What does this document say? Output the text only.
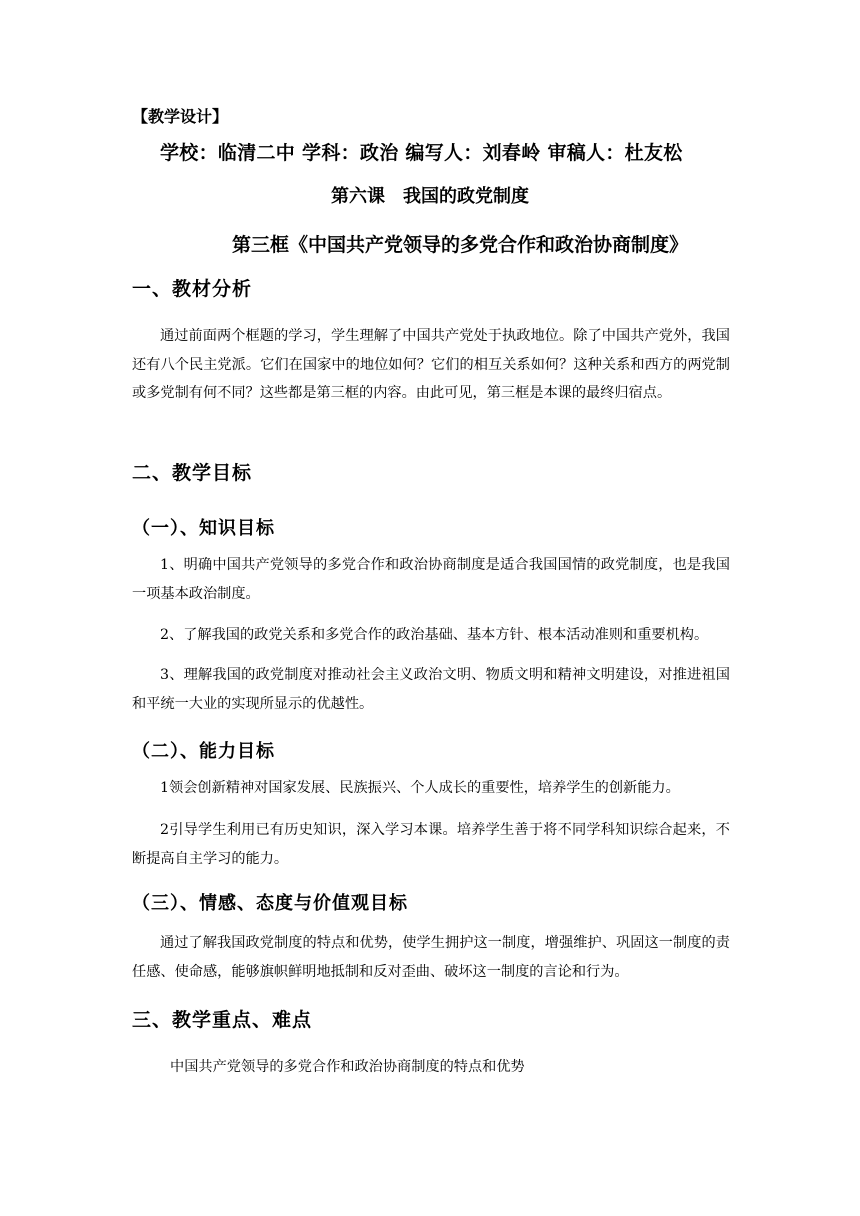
【教学设计】
学校：临清二中 学科：政治 编写人：刘春岭 审稿人：杜友松
第六课 我国的政党制度
第三框《中国共产党领导的多党合作和政治协商制度》
一、教材分析
通过前面两个框题的学习，学生理解了中国共产党处于执政地位。除了中国共产党外，我国还有八个民主党派。它们在国家中的地位如何？它们的相互关系如何？这种关系和西方的两党制或多党制有何不同？这些都是第三框的内容。由此可见，第三框是本课的最终归宿点。
二、教学目标
（一）、知识目标
1、明确中国共产党领导的多党合作和政治协商制度是适合我国国情的政党制度，也是我国一项基本政治制度。
2、了解我国的政党关系和多党合作的政治基础、基本方针、根本活动准则和重要机构。
3、理解我国的政党制度对推动社会主义政治文明、物质文明和精神文明建设，对推进祖国和平统一大业的实现所显示的优越性。
（二）、能力目标
1领会创新精神对国家发展、民族振兴、个人成长的重要性，培养学生的创新能力。
2引导学生利用已有历史知识，深入学习本课。培养学生善于将不同学科知识综合起来，不断提高自主学习的能力。
（三）、情感、态度与价值观目标
通过了解我国政党制度的特点和优势，使学生拥护这一制度，增强维护、巩固这一制度的责任感、使命感，能够旗帜鲜明地抵制和反对歪曲、破坏这一制度的言论和行为。
三、教学重点、难点
中国共产党领导的多党合作和政治协商制度的特点和优势
